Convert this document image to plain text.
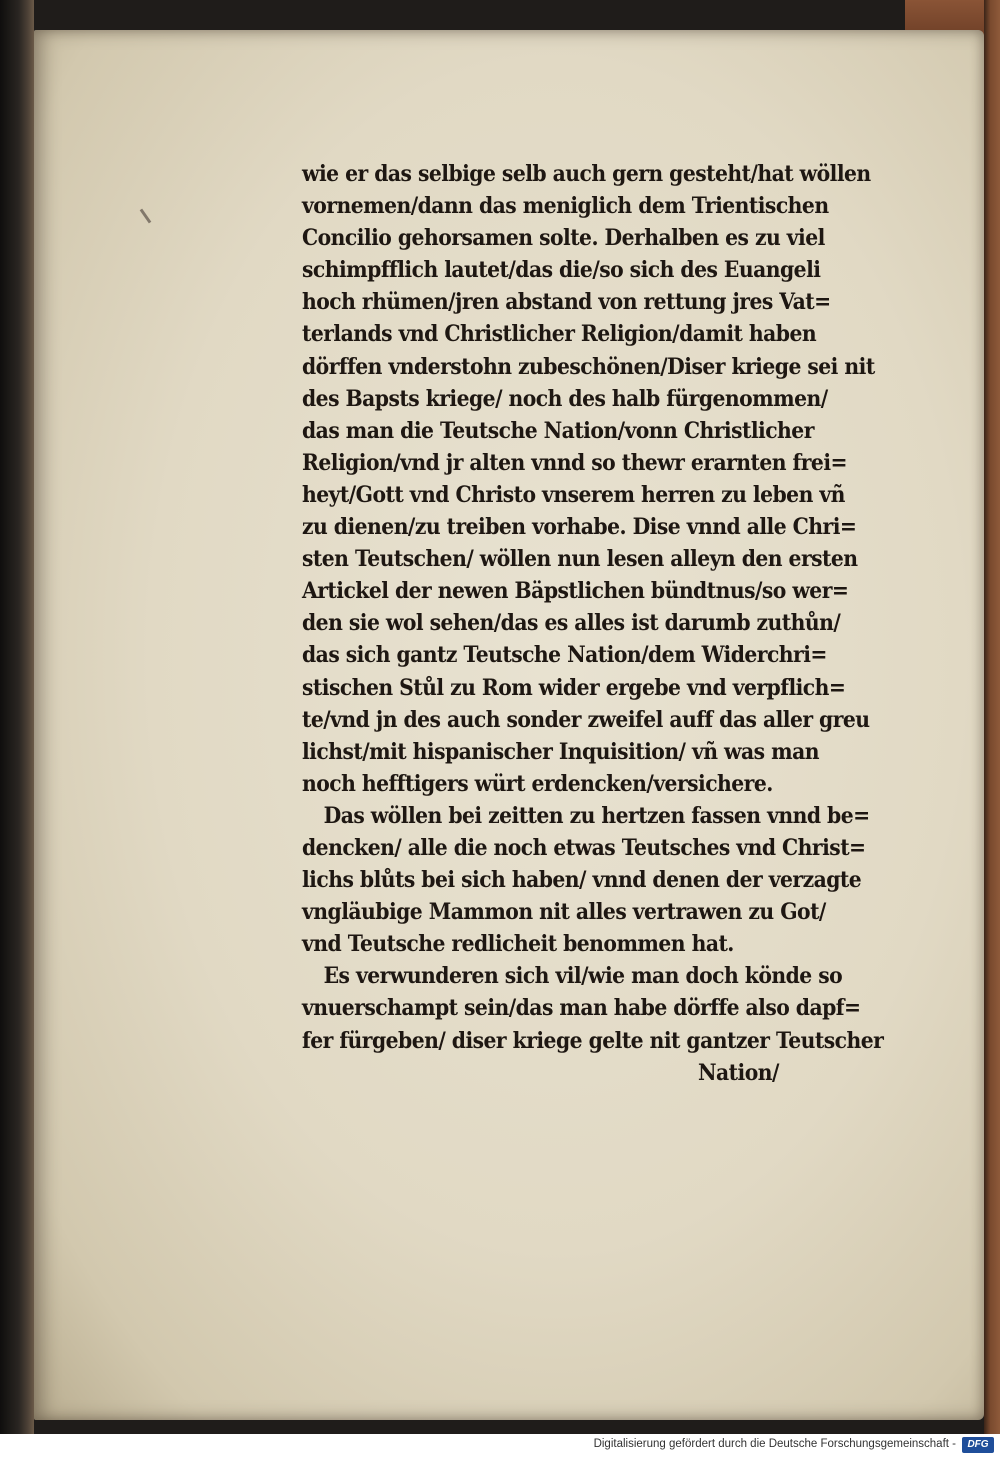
wie er das selbige selb auch gern gesteht/hat wöllen
vornemen/dann das meniglich dem Trientischen
Concilio gehorsamen solte. Derhalben es zu viel
schimpfflich lautet/das die/so sich des Euangeli
hoch rhümen/jren abstand von rettung jres Vat=
terlands vnd Christlicher Religion/damit haben
dörffen vnderstohn zubeschönen/Diser kriege sei nit
des Bapsts kriege/ noch des halb fürgenommen/
das man die Teutsche Nation/vonn Christlicher
Religion/vnd jr alten vnnd so thewr erarnten frei=
heyt/Gott vnd Christo vnserem herren zu leben vñ
zu dienen/zu treiben vorhabe. Dise vnnd alle Chri=
sten Teutschen/ wöllen nun lesen alleyn den ersten
Artickel der newen Bäpstlichen bündtnus/so wer=
den sie wol sehen/das es alles ist darumb zuthůn/
das sich gantz Teutsche Nation/dem Widerchri=
stischen Stůl zu Rom wider ergebe vnd verpflich=
te/vnd jn des auch sonder zweifel auff das aller greu
lichst/mit hispanischer Inquisition/ vñ was man
noch hefftigers würt erdencken/versichere.
Das wöllen bei zeitten zu hertzen fassen vnnd be=
dencken/ alle die noch etwas Teutsches vnd Christ=
lichs blůts bei sich haben/ vnnd denen der verzagte
vngläubige Mammon nit alles vertrawen zu Got/
vnd Teutsche redlicheit benommen hat.
Es verwunderen sich vil/wie man doch könde so
vnuerschampt sein/das man habe dörffe also dapf=
fer fürgeben/ diser kriege gelte nit gantzer Teutscher
Nation/
Digitalisierung gefördert durch die Deutsche Forschungsgemeinschaft -	DFG
